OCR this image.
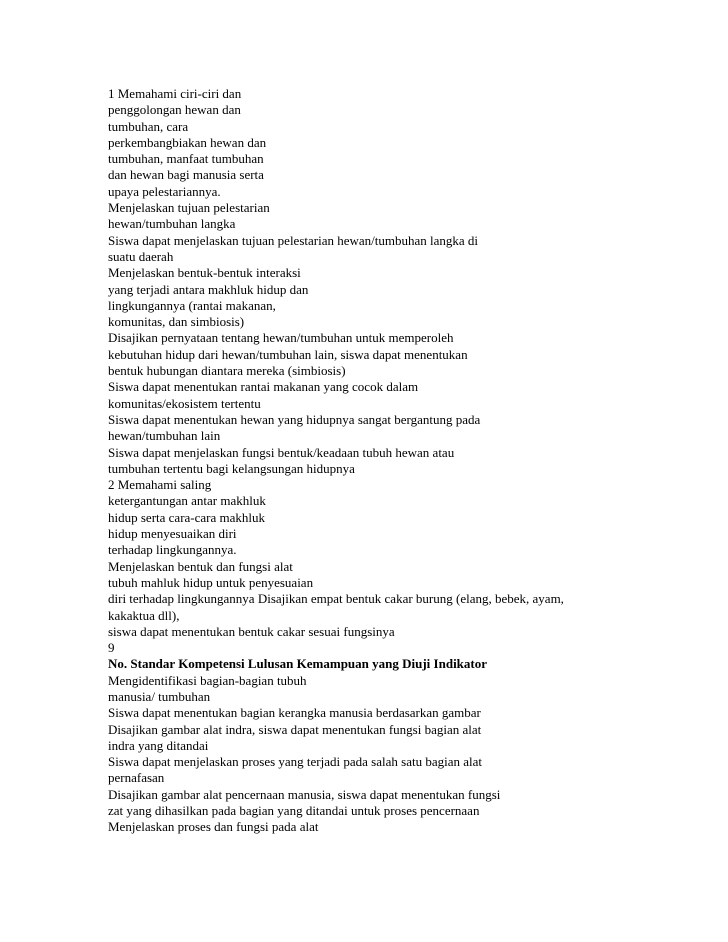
1 Memahami ciri-ciri dan
penggolongan hewan dan
tumbuhan, cara
perkembangbiakan hewan dan
tumbuhan, manfaat tumbuhan
dan hewan bagi manusia serta
upaya pelestariannya.
Menjelaskan tujuan pelestarian
hewan/tumbuhan langka
Siswa dapat menjelaskan tujuan pelestarian hewan/tumbuhan langka di
suatu daerah
Menjelaskan bentuk-bentuk interaksi
yang terjadi antara makhluk hidup dan
lingkungannya (rantai makanan,
komunitas, dan simbiosis)
Disajikan pernyataan tentang hewan/tumbuhan untuk memperoleh
kebutuhan hidup dari hewan/tumbuhan lain, siswa dapat menentukan
bentuk hubungan diantara mereka (simbiosis)
Siswa dapat menentukan rantai makanan yang cocok dalam
komunitas/ekosistem tertentu
Siswa dapat menentukan hewan yang hidupnya sangat bergantung pada
hewan/tumbuhan lain
Siswa dapat menjelaskan fungsi bentuk/keadaan tubuh hewan atau
tumbuhan tertentu bagi kelangsungan hidupnya
2 Memahami saling
ketergantungan antar makhluk
hidup serta cara-cara makhluk
hidup menyesuaikan diri
terhadap lingkungannya.
Menjelaskan bentuk dan fungsi alat
tubuh mahluk hidup untuk penyesuaian
diri terhadap lingkungannya Disajikan empat bentuk cakar burung (elang, bebek, ayam,
kakaktua dll),
siswa dapat menentukan bentuk cakar sesuai fungsinya
9
No. Standar Kompetensi Lulusan Kemampuan yang Diuji Indikator
Mengidentifikasi bagian-bagian tubuh
manusia/ tumbuhan
Siswa dapat menentukan bagian kerangka manusia berdasarkan gambar
Disajikan gambar alat indra, siswa dapat menentukan fungsi bagian alat
indra yang ditandai
Siswa dapat menjelaskan proses yang terjadi pada salah satu bagian alat
pernafasan
Disajikan gambar alat pencernaan manusia, siswa dapat menentukan fungsi
zat yang dihasilkan pada bagian yang ditandai untuk proses pencernaan
Menjelaskan proses dan fungsi pada alat
